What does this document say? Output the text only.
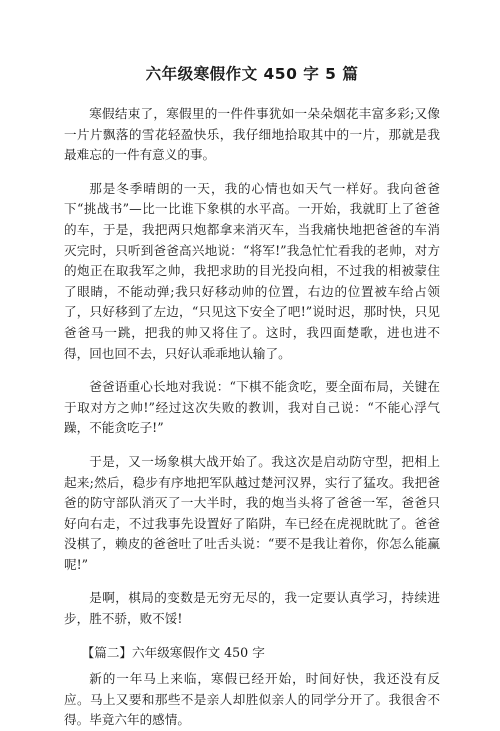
六年级寒假作文 450 字 5 篇

寒假结束了，寒假里的一件件事犹如一朵朵烟花丰富多彩;又像一片片飘落的雪花轻盈快乐，我仔细地拾取其中的一片，那就是我最难忘的一件有意义的事。

那是冬季晴朗的一天，我的心情也如天气一样好。我向爸爸下“挑战书”—比一比谁下象棋的水平高。一开始，我就盯上了爸爸的车，于是，我把两只炮都拿来消灭车，当我痛快地把爸爸的车消灭完时，只听到爸爸高兴地说：“将军!”我急忙忙看我的老帅，对方的炮正在取我军之帅，我把求助的目光投向相，不过我的相被蒙住了眼睛，不能动弹;我只好移动帅的位置，右边的位置被车给占领了，只好移到了左边，“只见这下安全了吧!”说时迟，那时快，只见爸爸马一跳，把我的帅又将住了。这时，我四面楚歌，进也进不得，回也回不去，只好认乖乖地认输了。

爸爸语重心长地对我说：“下棋不能贪吃，要全面布局，关键在于取对方之帅!”经过这次失败的教训，我对自己说：“不能心浮气躁，不能贪吃子!”

于是，又一场象棋大战开始了。我这次是启动防守型，把相上起来;然后，稳步有序地把军队越过楚河汉界，实行了猛攻。我把爸爸的防守部队消灭了一大半时，我的炮当头将了爸爸一军，爸爸只好向右走，不过我事先设置好了陷阱，车已经在虎视眈眈了。爸爸没棋了，赖皮的爸爸吐了吐舌头说：“要不是我让着你，你怎么能赢呢!”

是啊，棋局的变数是无穷无尽的，我一定要认真学习，持续进步，胜不骄，败不馁!

【篇二】六年级寒假作文 450 字

新的一年马上来临，寒假已经开始，时间好快，我还没有反应。马上又要和那些不是亲人却胜似亲人的同学分开了。我很舍不得。毕竟六年的感情。
